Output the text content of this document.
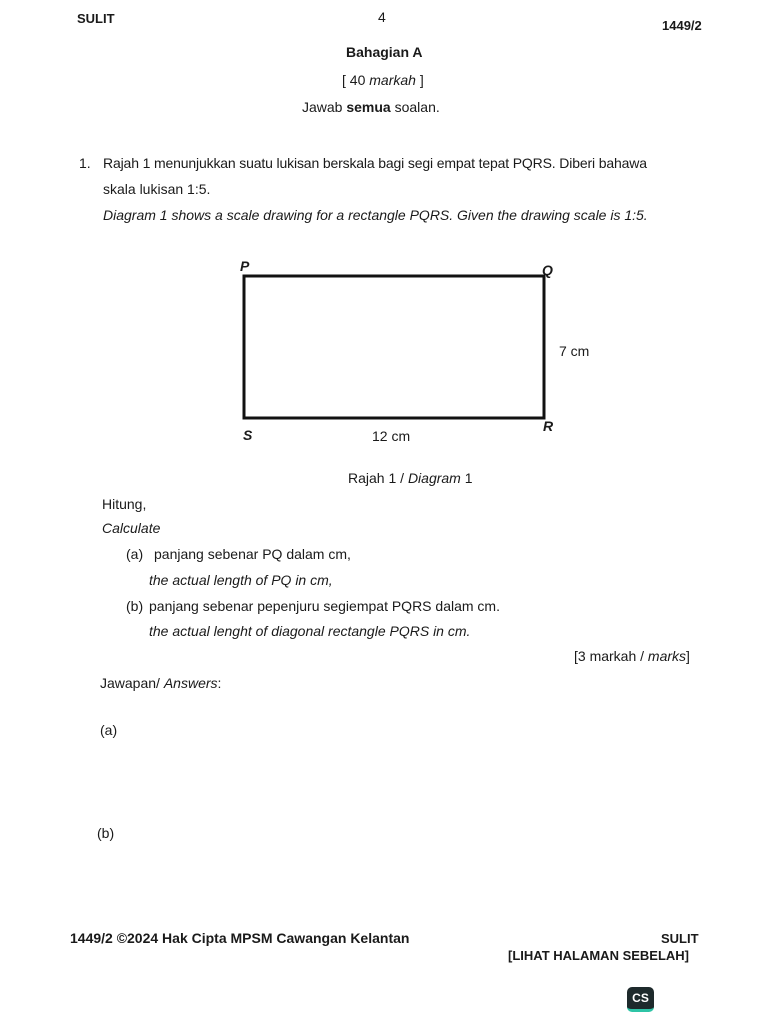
SULIT	4
1449/2
Bahagian A
[ 40 markah ]
Jawab semua soalan.
1. Rajah 1 menunjukkan suatu lukisan berskala bagi segi empat tepat PQRS. Diberi bahawa
skala lukisan 1:5.
Diagram 1 shows a scale drawing for a rectangle PQRS. Given the drawing scale is 1:5.
P	Q
R
S
7 cm
12 cm
Rajah 1 / Diagram 1
Hitung,
Calculate
(a) panjang sebenar PQ dalam cm,
the actual length of PQ in cm,
(b) panjang sebenar pepenjuru segiempat PQRS dalam cm.
the actual lenght of diagonal rectangle PQRS in cm.
[3 markah / marks]
Jawapan/ Answers:
(a)
(b)
1449/2 ©2024 Hak Cipta MPSM Cawangan Kelantan	SULIT
[LIHAT HALAMAN SEBELAH]
CS
